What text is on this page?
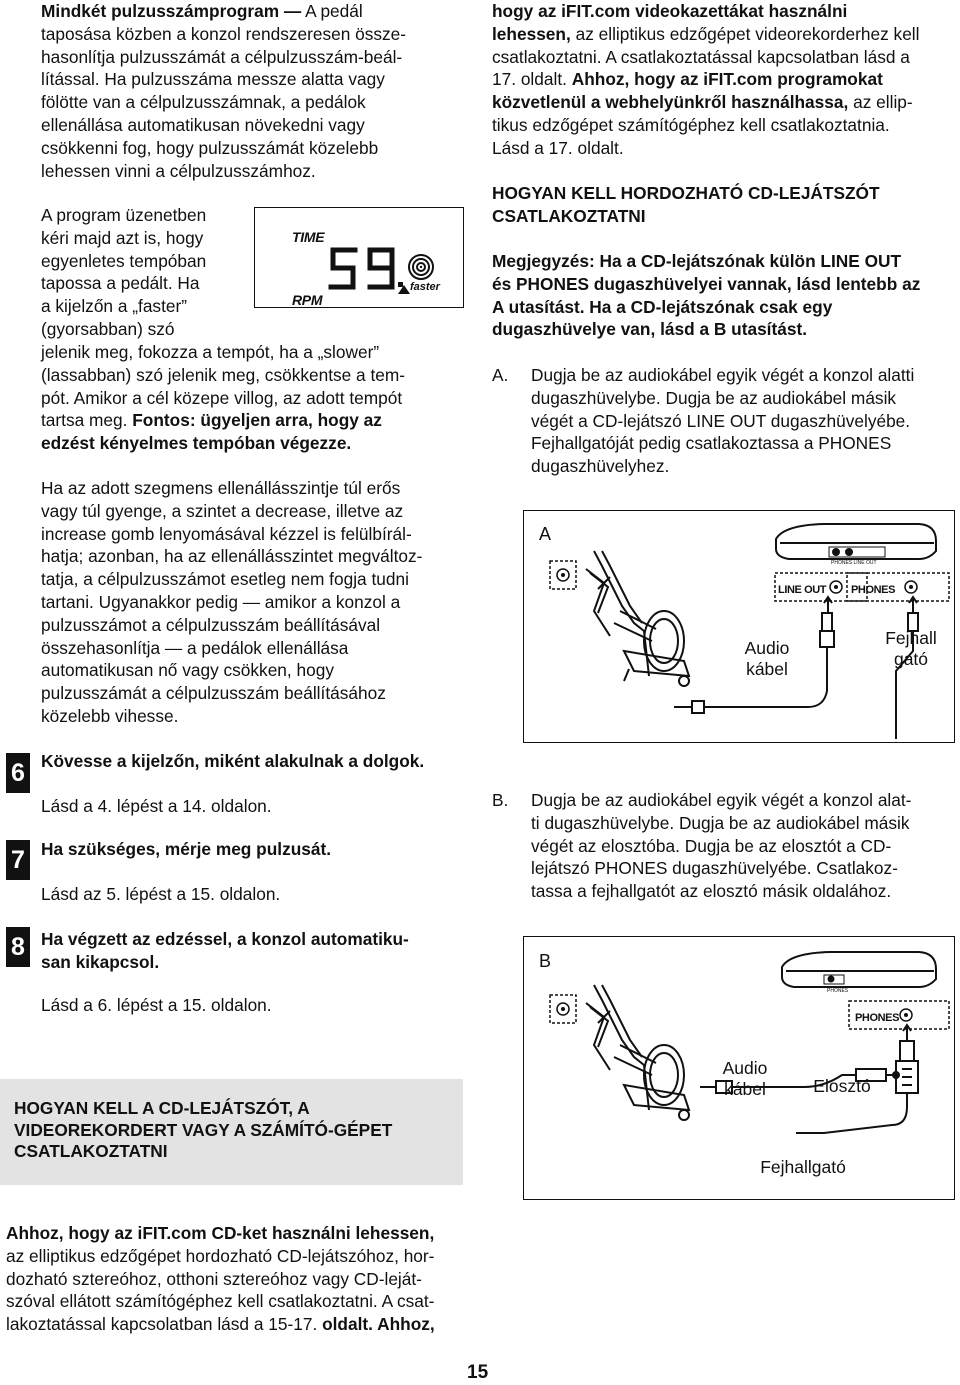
Mindkét pulzusszámprogram — A pedál
taposása közben a konzol rendszeresen össze-
hasonlítja pulzusszámát a célpulzusszám-beál-
lítással. Ha pulzusszáma messze alatta vagy
fölötte van a célpulzusszámnak, a pedálok
ellenállása automatikusan növekedni vagy
csökkenni fog, hogy pulzusszámát közelebb
lehessen vinni a célpulzusszámhoz.
A program üzenetben
kéri majd azt is, hogy
egyenletes tempóban
tapossa a pedált. Ha
a kijelzőn a „faster”
(gyorsabban) szó
TIME
RPM
faster
jelenik meg, fokozza a tempót, ha a „slower”
(lassabban) szó jelenik meg, csökkentse a tem-
pót. Amikor a cél közepe villog, az adott tempót
tartsa meg. Fontos: ügyeljen arra, hogy az
edzést kényelmes tempóban végezze.
Ha az adott szegmens ellenállásszintje túl erős
vagy túl gyenge, a szintet a decrease, illetve az
increase gomb lenyomásával kézzel is felülbírál-
hatja; azonban, ha az ellenállásszintet megváltoz-
tatja, a célpulzusszámot esetleg nem fogja tudni
tartani. Ugyanakkor pedig — amikor a konzol a
pulzusszámot a célpulzusszám beállításával
összehasonlítja — a pedálok ellenállása
automatikusan nő vagy csökken, hogy
pulzusszámát a célpulzusszám beállításához
közelebb vihesse.
6 Kövesse a kijelzőn, miként alakulnak a dolgok.
Lásd a 4. lépést a 14. oldalon.
7 Ha szükséges, mérje meg pulzusát.
Lásd az 5. lépést a 15. oldalon.
8 Ha végzett az edzéssel, a konzol automatiku-
san kikapcsol.
Lásd a 6. lépést a 15. oldalon.
HOGYAN KELL A CD-LEJÁTSZÓT, A
VIDEOREKORDERT VAGY A SZÁMÍTÓ-GÉPET
CSATLAKOZTATNI
Ahhoz, hogy az iFIT.com CD-ket használni lehessen,
az elliptikus edzőgépet hordozható CD-lejátszóhoz, hor-
dozható sztereóhoz, otthoni sztereóhoz vagy CD-leját-
szóval ellátott számítógéphez kell csatlakoztatni. A csat-
lakoztatással kapcsolatban lásd a 15-17. oldalt. Ahhoz,
hogy az iFIT.com videokazettákat használni
lehessen, az elliptikus edzőgépet videorekorderhez kell
csatlakoztatni. A csatlakoztatással kapcsolatban lásd a
17. oldalt. Ahhoz, hogy az iFIT.com programokat
közvetlenül a webhelyünkről használhassa, az ellip-
tikus edzőgépet számítógéphez kell csatlakoztatnia.
Lásd a 17. oldalt.
HOGYAN KELL HORDOZHATÓ CD-LEJÁTSZÓT
CSATLAKOZTATNI
Megjegyzés: Ha a CD-lejátszónak külön LINE OUT
és PHONES dugaszhüvelyei vannak, lásd lentebb az
A utasítást. Ha a CD-lejátszónak csak egy
dugaszhüvelye van, lásd a B utasítást.
A. Dugja be az audiokábel egyik végét a konzol alatti
dugaszhüvelybe. Dugja be az audiokábel másik
végét a CD-lejátszó LINE OUT dugaszhüvelyébe.
Fejhallgatóját pedig csatlakoztassa a PHONES
dugaszhüvelyhez.
PHONES LINE OUT
A
LINE OUT PHONES
Audio
kábel
Fejhall
gató
B. Dugja be az audiokábel egyik végét a konzol alat-
ti dugaszhüvelybe. Dugja be az audiokábel másik
végét az elosztóba. Dugja be az elosztót a CD-
lejátszó PHONES dugaszhüvelyébe. Csatlakoz-
tassa a fejhallgatót az elosztó másik oldalához.
PHONES
B
PHONES
Audio
kábel	Elosztó
Fejhallgató
15
